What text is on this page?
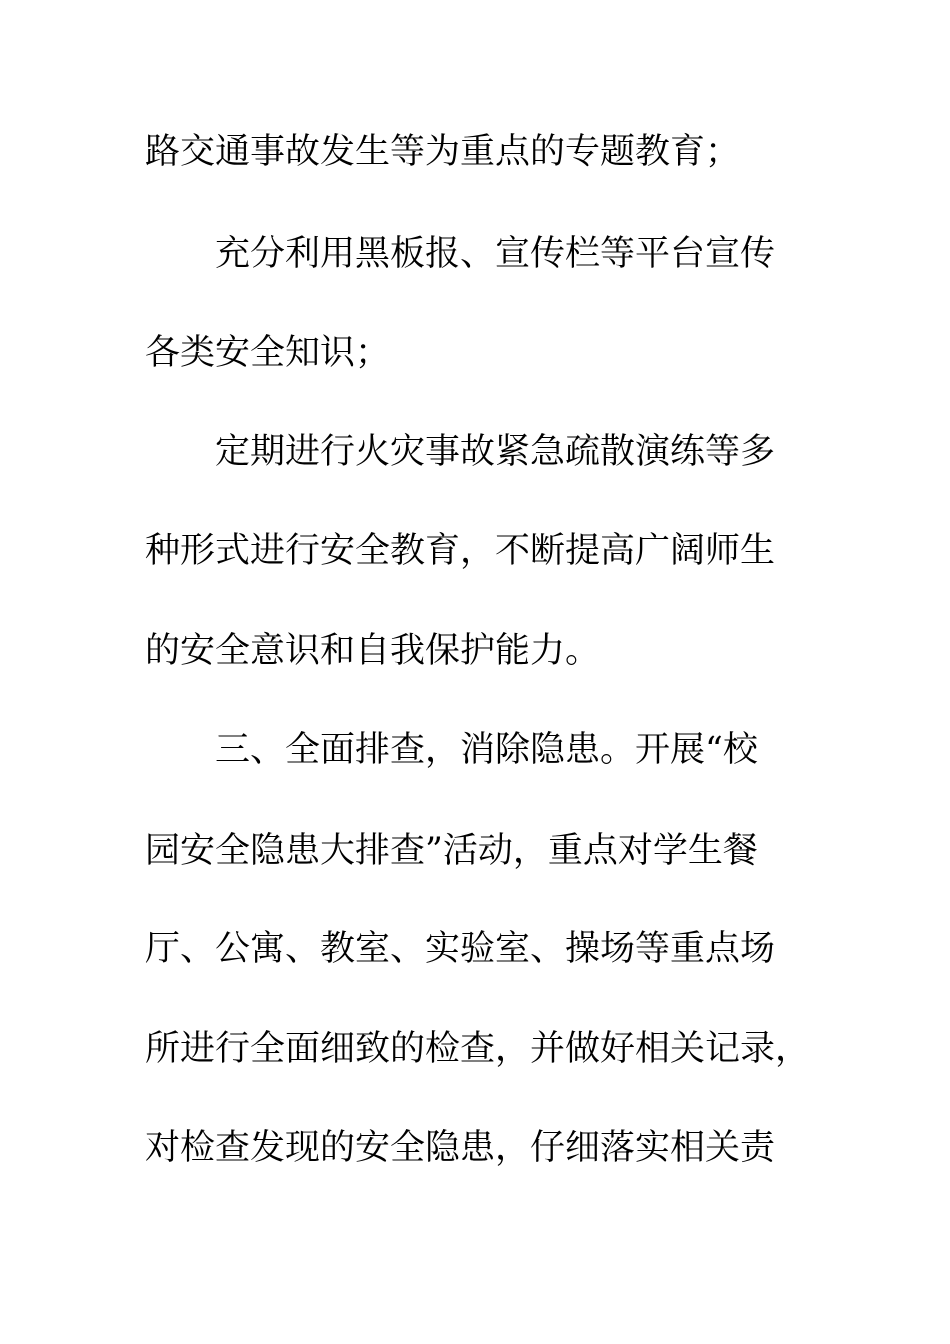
路交通事故发生等为重点的专题教育；
充分利用黑板报、宣传栏等平台宣传
各类安全知识；
定期进行火灾事故紧急疏散演练等多
种形式进行安全教育，不断提高广阔师生
的安全意识和自我保护能力。
三、全面排查，消除隐患。开展“校
园安全隐患大排查”活动，重点对学生餐
厅、公寓、教室、实验室、操场等重点场
所进行全面细致的检查，并做好相关记录，
对检查发现的安全隐患，仔细落实相关责
